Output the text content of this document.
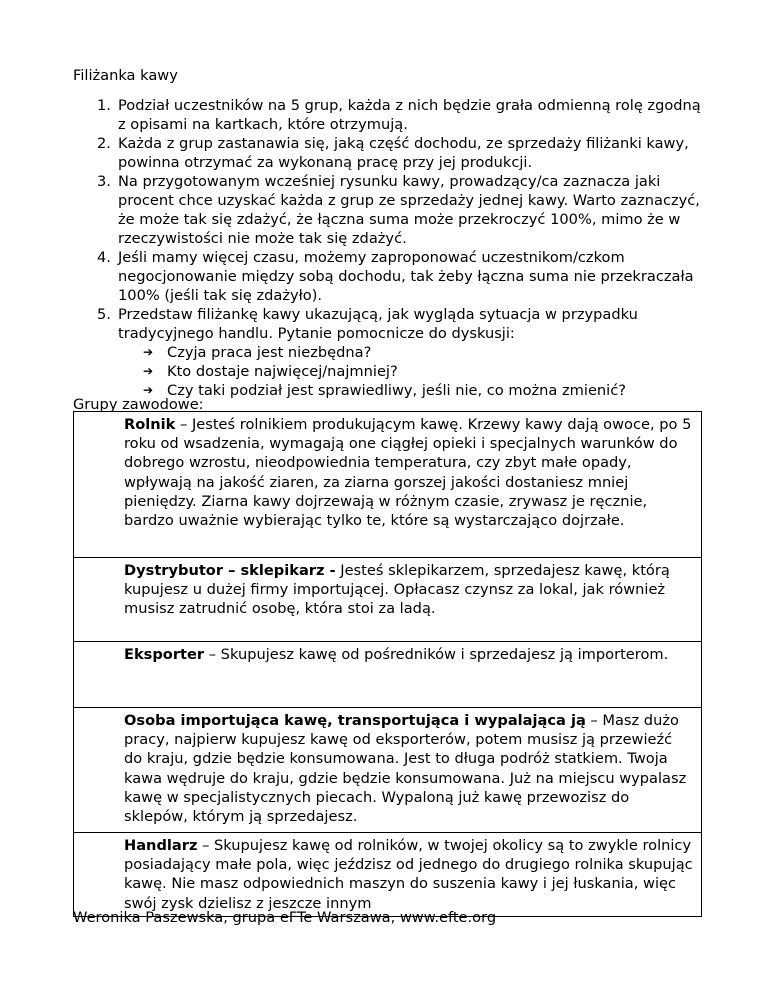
Filiżanka kawy
1. Podział uczestników na 5 grup, każda z nich będzie grała odmienną rolę zgodną z opisami na kartkach, które otrzymują.
2. Każda z grup zastanawia się, jaką część dochodu, ze sprzedaży filiżanki kawy, powinna otrzymać za wykonaną pracę przy jej produkcji.
3. Na przygotowanym wcześniej rysunku kawy, prowadzący/ca zaznacza jaki procent chce uzyskać każda z grup ze sprzedaży jednej kawy. Warto zaznaczyć, że może tak się zdażyć, że łączna suma może przekroczyć 100%, mimo że w rzeczywistości nie może tak się zdażyć.
4. Jeśli mamy więcej czasu, możemy zaproponować uczestnikom/czkom negocjonowanie między sobą dochodu, tak żeby łączna suma nie przekraczała 100% (jeśli tak się zdażyło).
5. Przedstaw filiżankę kawy ukazującą, jak wygląda sytuacja w przypadku tradycyjnego handlu. Pytanie pomocnicze do dyskusji:
➔ Czyja praca jest niezbędna?
➔ Kto dostaje najwięcej/najmniej?
➔ Czy taki podział jest sprawiedliwy, jeśli nie, co można zmienić?
Grupy zawodowe:
Rolnik – Jesteś rolnikiem produkującym kawę. Krzewy kawy dają owoce, po 5 roku od wsadzenia, wymagają one ciągłej opieki i specjalnych warunków do dobrego wzrostu, nieodpowiednia temperatura, czy zbyt małe opady, wpływają na jakość ziaren, za ziarna gorszej jakości dostaniesz mniej pieniędzy. Ziarna kawy dojrzewają w różnym czasie, zrywasz je ręcznie, bardzo uważnie wybierając tylko te, które są wystarczająco dojrzałe.
Dystrybutor – sklepikarz - Jesteś sklepikarzem, sprzedajesz kawę, którą kupujesz u dużej firmy importującej. Opłacasz czynsz za lokal, jak również musisz zatrudnić osobę, która stoi za ladą.
Eksporter – Skupujesz kawę od pośredników i sprzedajesz ją importerom.
Osoba importująca kawę, transportująca i wypalająca ją – Masz dużo pracy, najpierw kupujesz kawę od eksporterów, potem musisz ją przewieźć do kraju, gdzie będzie konsumowana. Jest to długa podróż statkiem. Twoja kawa wędruje do kraju, gdzie będzie konsumowana. Już na miejscu wypalasz kawę w specjalistycznych piecach. Wypaloną już kawę przewozisz do sklepów, którym ją sprzedajesz.
Handlarz – Skupujesz kawę od rolników, w twojej okolicy są to zwykle rolnicy posiadający małe pola, więc jeździsz od jednego do drugiego rolnika skupując kawę. Nie masz odpowiednich maszyn do suszenia kawy i jej łuskania, więc swój zysk dzielisz z jeszcze innym
Weronika Paszewska, grupa eFTe Warszawa, www.efte.org
